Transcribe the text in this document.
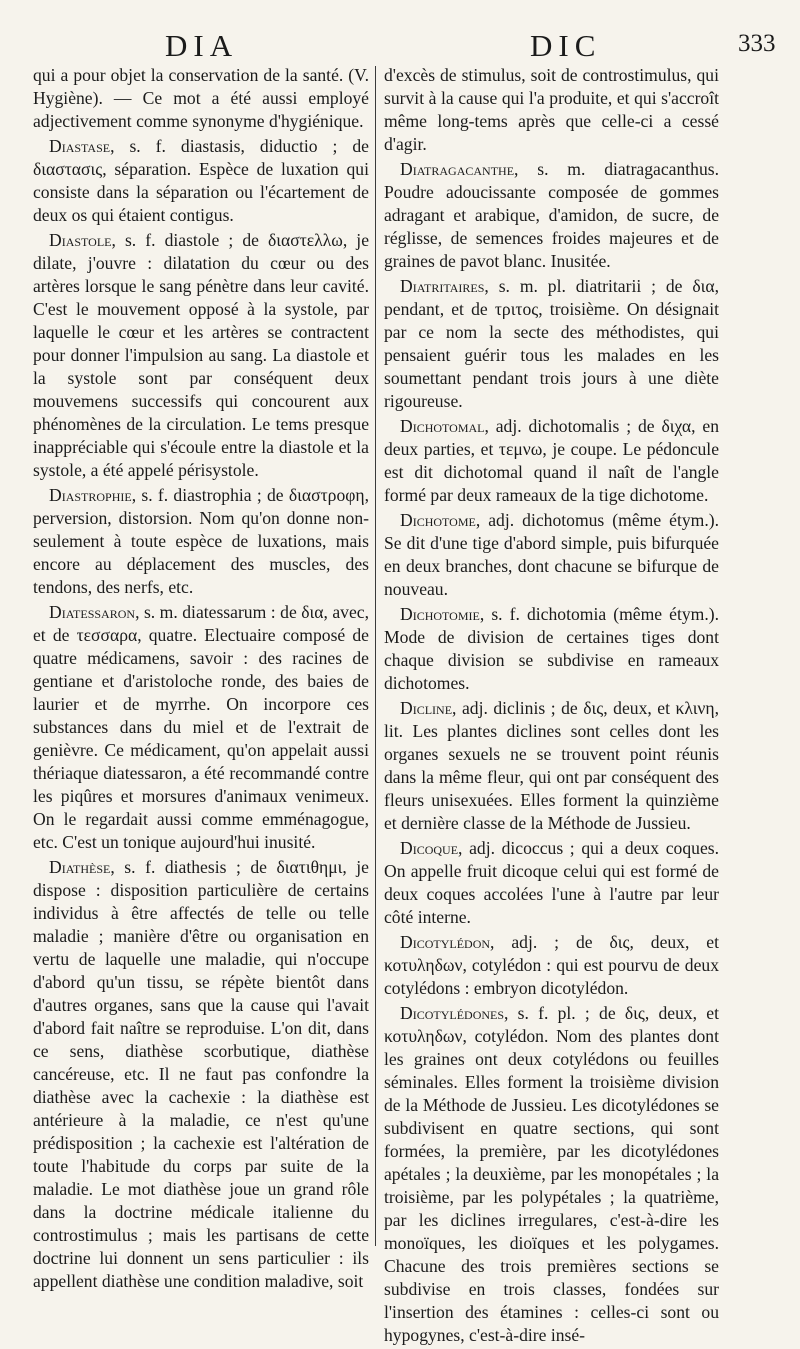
DIA	DIC	333

qui a pour objet la conservation de la santé. (V. Hygiène). — Ce mot a été aussi employé adjectivement comme synonyme d'hygiénique.

Diastase, s. f. diastasis, diductio ; de διαστασις, séparation. Espèce de luxation qui consiste dans la séparation ou l'écartement de deux os qui étaient contigus.

Diastole, s. f. diastole ; de διαστελλω, je dilate, j'ouvre : dilatation du cœur ou des artères lorsque le sang pénètre dans leur cavité. C'est le mouvement opposé à la systole, par laquelle le cœur et les artères se contractent pour donner l'impulsion au sang. La diastole et la systole sont par conséquent deux mouvemens successifs qui concourent aux phénomènes de la circulation. Le tems presque inappréciable qui s'écoule entre la diastole et la systole, a été appelé périsystole.

Diastrophie, s. f. diastrophia ; de διαστροφη, perversion, distorsion. Nom qu'on donne non-seulement à toute espèce de luxations, mais encore au déplacement des muscles, des tendons, des nerfs, etc.

Diatessaron, s. m. diatessarum : de δια, avec, et de τεσσαρα, quatre. Electuaire composé de quatre médicamens, savoir : des racines de gentiane et d'aristoloche ronde, des baies de laurier et de myrrhe. On incorpore ces substances dans du miel et de l'extrait de genièvre. Ce médicament, qu'on appelait aussi thériaque diatessaron, a été recommandé contre les piqûres et morsures d'animaux venimeux. On le regardait aussi comme emménagogue, etc. C'est un tonique aujourd'hui inusité.

Diathèse, s. f. diathesis ; de διατιθημι, je dispose : disposition particulière de certains individus à être affectés de telle ou telle maladie ; manière d'être ou organisation en vertu de laquelle une maladie, qui n'occupe d'abord qu'un tissu, se répète bientôt dans d'autres organes, sans que la cause qui l'avait d'abord fait naître se reproduise. L'on dit, dans ce sens, diathèse scorbutique, diathèse cancéreuse, etc. Il ne faut pas confondre la diathèse avec la cachexie : la diathèse est antérieure à la maladie, ce n'est qu'une prédisposition ; la cachexie est l'altération de toute l'habitude du corps par suite de la maladie. Le mot diathèse joue un grand rôle dans la doctrine médicale italienne du controstimulus ; mais les partisans de cette doctrine lui donnent un sens particulier : ils appellent diathèse une condition maladive, soit

d'excès de stimulus, soit de controstimulus, qui survit à la cause qui l'a produite, et qui s'accroît même long-tems après que celle-ci a cessé d'agir.

Diatragacanthe, s. m. diatragacanthus. Poudre adoucissante composée de gommes adragant et arabique, d'amidon, de sucre, de réglisse, de semences froides majeures et de graines de pavot blanc. Inusitée.

Diatritaires, s. m. pl. diatritarii ; de δια, pendant, et de τριτος, troisième. On désignait par ce nom la secte des méthodistes, qui pensaient guérir tous les malades en les soumettant pendant trois jours à une diète rigoureuse.

Dichotomal, adj. dichotomalis ; de διχα, en deux parties, et τεμνω, je coupe. Le pédoncule est dit dichotomal quand il naît de l'angle formé par deux rameaux de la tige dichotome.

Dichotome, adj. dichotomus (même étym.). Se dit d'une tige d'abord simple, puis bifurquée en deux branches, dont chacune se bifurque de nouveau.

Dichotomie, s. f. dichotomia (même étym.). Mode de division de certaines tiges dont chaque division se subdivise en rameaux dichotomes.

Dicline, adj. diclinis ; de δις, deux, et κλινη, lit. Les plantes diclines sont celles dont les organes sexuels ne se trouvent point réunis dans la même fleur, qui ont par conséquent des fleurs unisexuées. Elles forment la quinzième et dernière classe de la Méthode de Jussieu.

Dicoque, adj. dicoccus ; qui a deux coques. On appelle fruit dicoque celui qui est formé de deux coques accolées l'une à l'autre par leur côté interne.

Dicotylédon, adj. ; de δις, deux, et κοτυληδων, cotylédon : qui est pourvu de deux cotylédons : embryon dicotylédon.

Dicotylédones, s. f. pl. ; de δις, deux, et κοτυληδων, cotylédon. Nom des plantes dont les graines ont deux cotylédons ou feuilles séminales. Elles forment la troisième division de la Méthode de Jussieu. Les dicotylédones se subdivisent en quatre sections, qui sont formées, la première, par les dicotylédones apétales ; la deuxième, par les monopétales ; la troisième, par les polypétales ; la quatrième, par les diclines irregulares, c'est-à-dire les monoïques, les dioïques et les polygames. Chacune des trois premières sections se subdivise en trois classes, fondées sur l'insertion des étamines : celles-ci sont ou hypogynes, c'est-à-dire insé-
